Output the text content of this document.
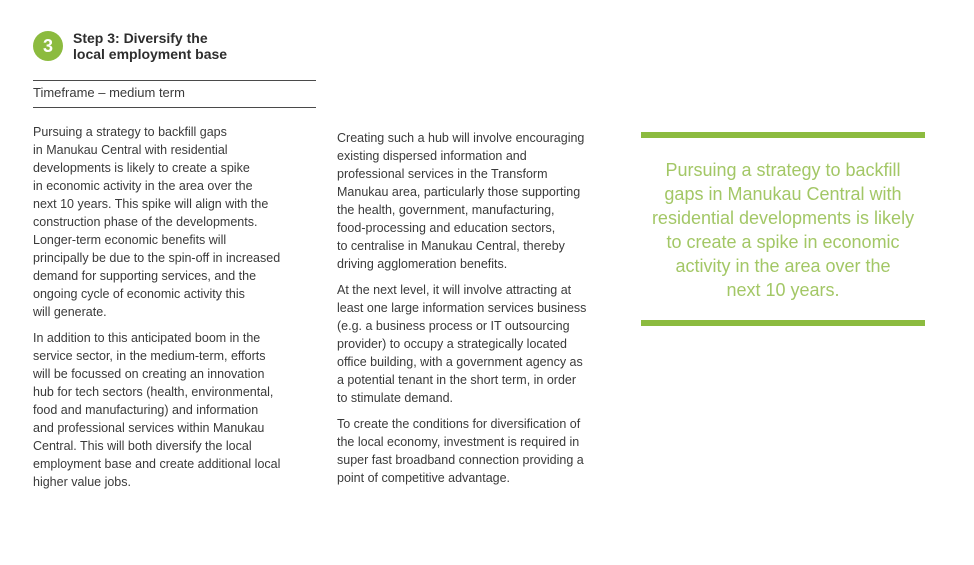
3	Step 3: Diversify the
local employment base
Timeframe – medium term

Pursuing a strategy to backfill gaps
in Manukau Central with residential
developments is likely to create a spike
in economic activity in the area over the
next 10 years. This spike will align with the
construction phase of the developments.
Longer-term economic benefits will
principally be due to the spin-off in increased
demand for supporting services, and the
ongoing cycle of economic activity this
will generate.

In addition to this anticipated boom in the
service sector, in the medium-term, efforts
will be focussed on creating an innovation
hub for tech sectors (health, environmental,
food and manufacturing) and information
and professional services within Manukau
Central. This will both diversify the local
employment base and create additional local
higher value jobs.

Creating such a hub will involve encouraging
existing dispersed information and
professional services in the Transform
Manukau area, particularly those supporting
the health, government, manufacturing,
food-processing and education sectors,
to centralise in Manukau Central, thereby
driving agglomeration benefits.

At the next level, it will involve attracting at
least one large information services business
(e.g. a business process or IT outsourcing
provider) to occupy a strategically located
office building, with a government agency as
a potential tenant in the short term, in order
to stimulate demand.

To create the conditions for diversification of
the local economy, investment is required in
super fast broadband connection providing a
point of competitive advantage.

Pursuing a strategy to backfill
gaps in Manukau Central with
residential developments is likely
to create a spike in economic
activity in the area over the
next 10 years.
